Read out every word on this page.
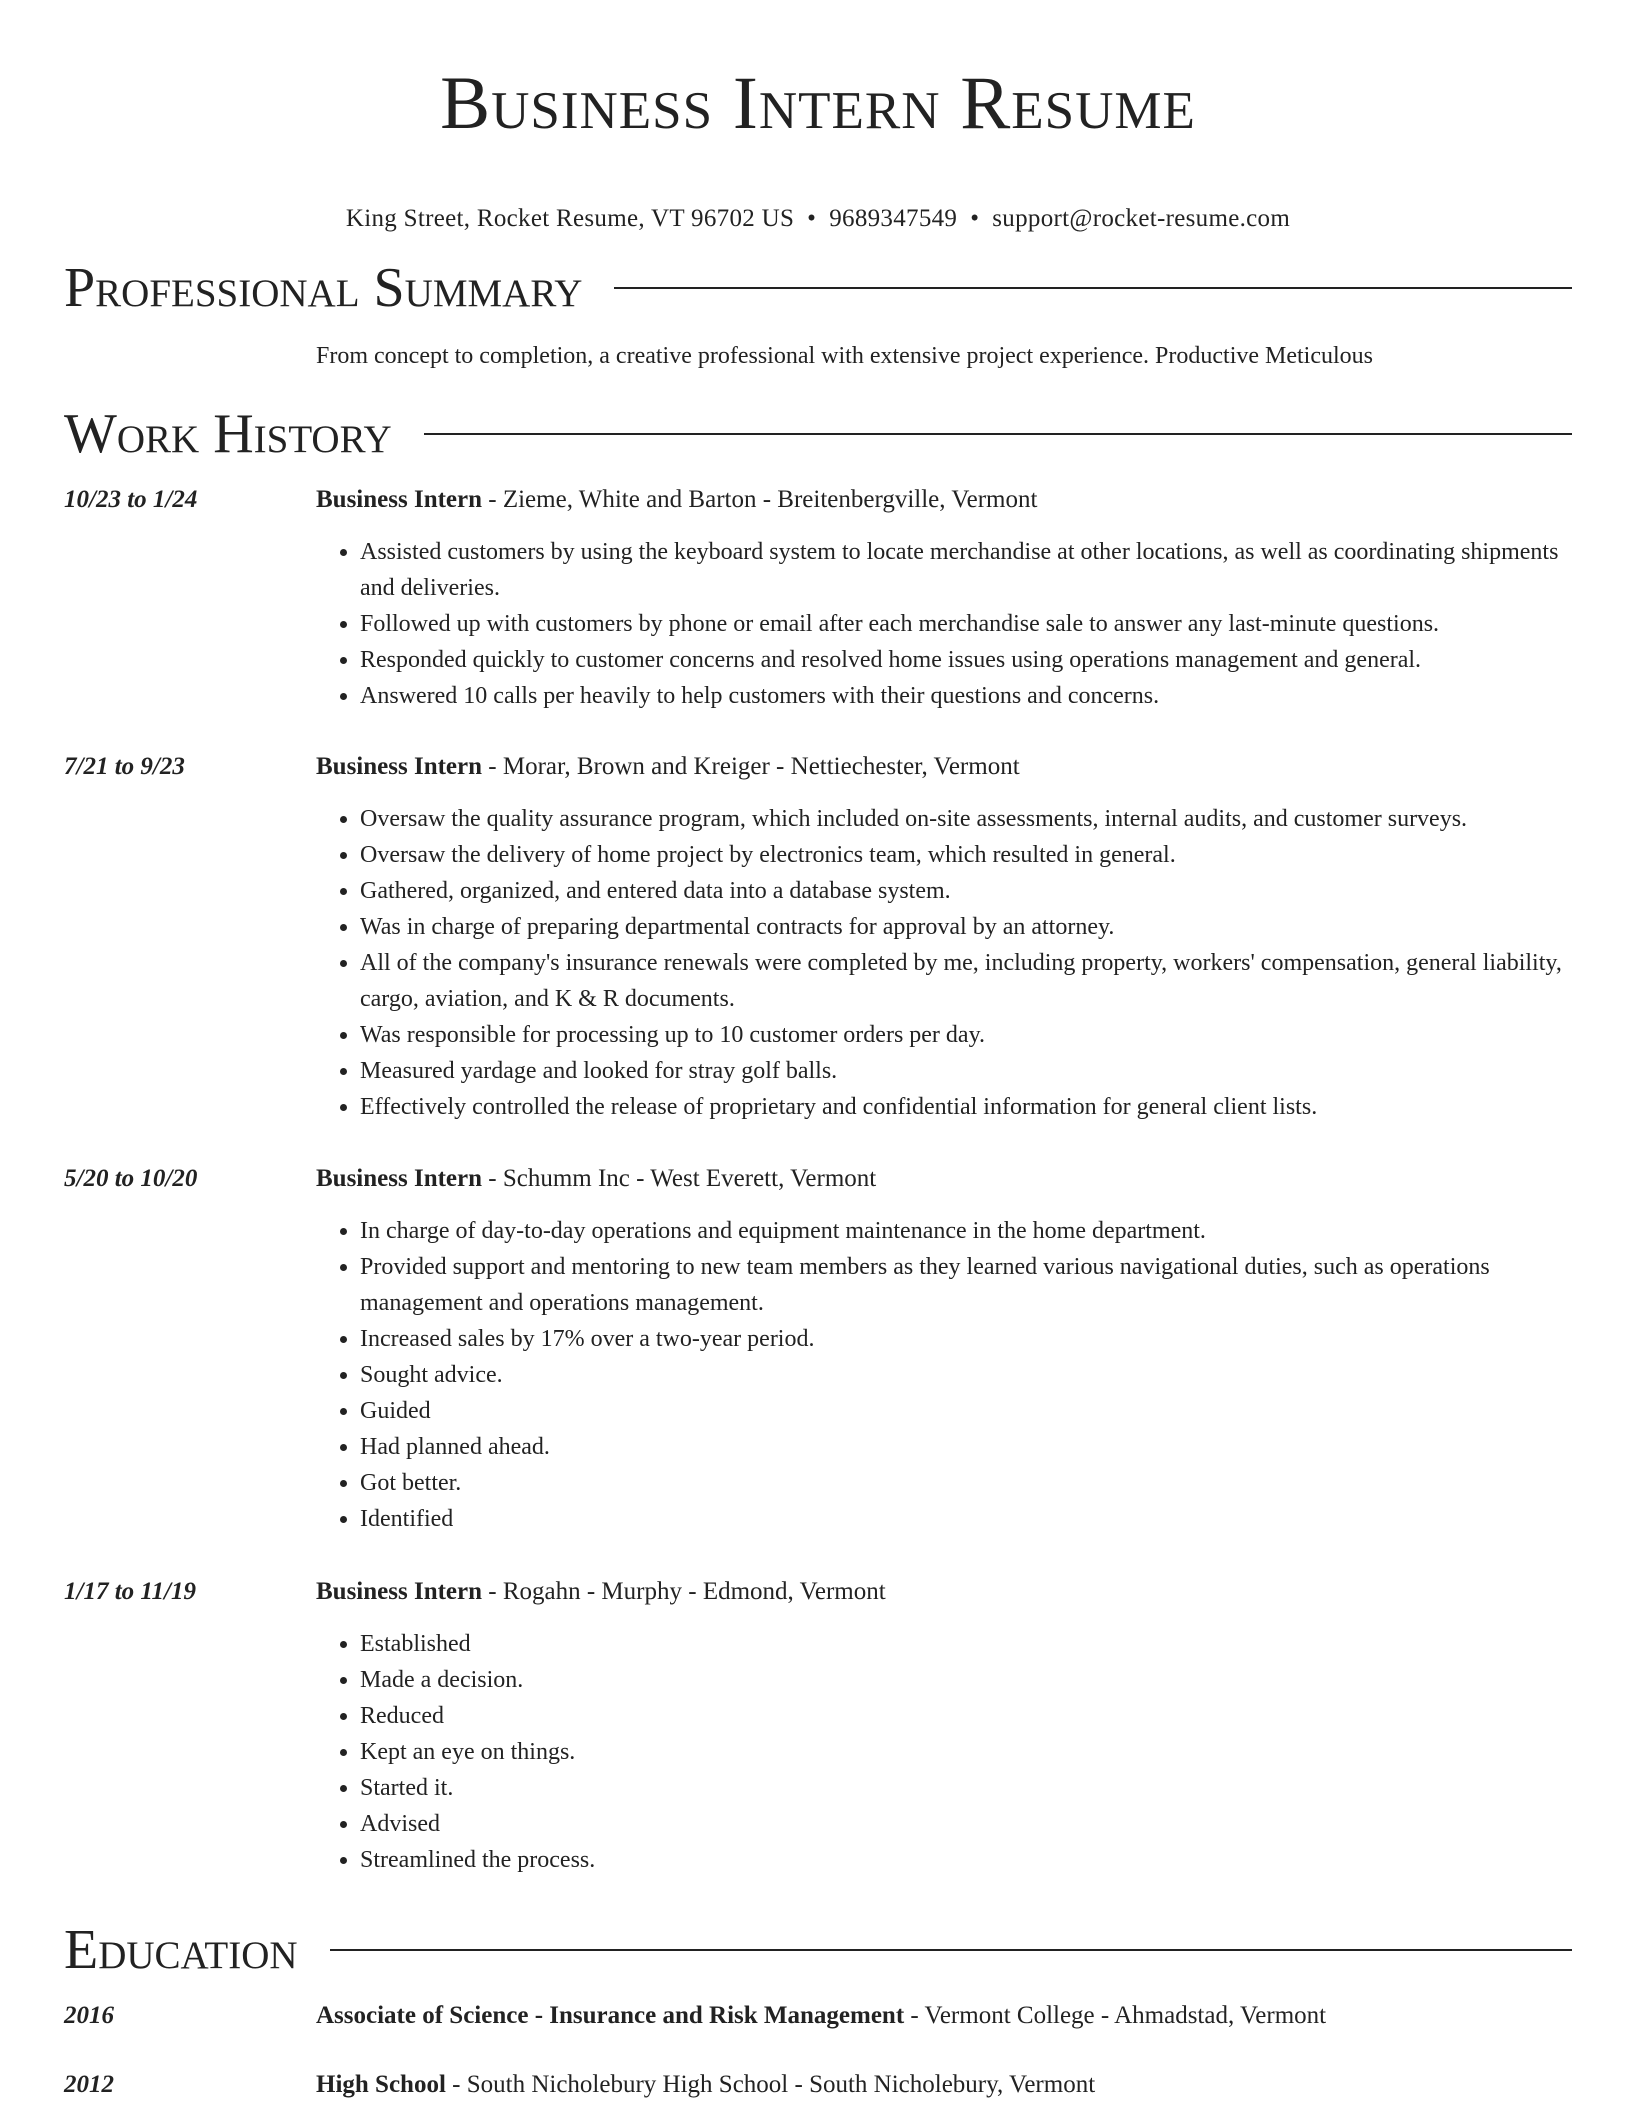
Business Intern Resume
King Street, Rocket Resume, VT 96702 US • 9689347549 • support@rocket-resume.com
Professional Summary
From concept to completion, a creative professional with extensive project experience. Productive Meticulous
Work History
10/23 to 1/24	Business Intern - Zieme, White and Barton - Breitenbergville, Vermont
• Assisted customers by using the keyboard system to locate merchandise at other locations, as well as coordinating shipments and deliveries.
• Followed up with customers by phone or email after each merchandise sale to answer any last-minute questions.
• Responded quickly to customer concerns and resolved home issues using operations management and general.
• Answered 10 calls per heavily to help customers with their questions and concerns.
7/21 to 9/23	Business Intern - Morar, Brown and Kreiger - Nettiechester, Vermont
• Oversaw the quality assurance program, which included on-site assessments, internal audits, and customer surveys.
• Oversaw the delivery of home project by electronics team, which resulted in general.
• Gathered, organized, and entered data into a database system.
• Was in charge of preparing departmental contracts for approval by an attorney.
• All of the company's insurance renewals were completed by me, including property, workers' compensation, general liability, cargo, aviation, and K & R documents.
• Was responsible for processing up to 10 customer orders per day.
• Measured yardage and looked for stray golf balls.
• Effectively controlled the release of proprietary and confidential information for general client lists.
5/20 to 10/20	Business Intern - Schumm Inc - West Everett, Vermont
• In charge of day-to-day operations and equipment maintenance in the home department.
• Provided support and mentoring to new team members as they learned various navigational duties, such as operations management and operations management.
• Increased sales by 17% over a two-year period.
• Sought advice.
• Guided
• Had planned ahead.
• Got better.
• Identified
1/17 to 11/19	Business Intern - Rogahn - Murphy - Edmond, Vermont
• Established
• Made a decision.
• Reduced
• Kept an eye on things.
• Started it.
• Advised
• Streamlined the process.
Education
2016	Associate of Science - Insurance and Risk Management - Vermont College - Ahmadstad, Vermont
2012	High School - South Nicholebury High School - South Nicholebury, Vermont
